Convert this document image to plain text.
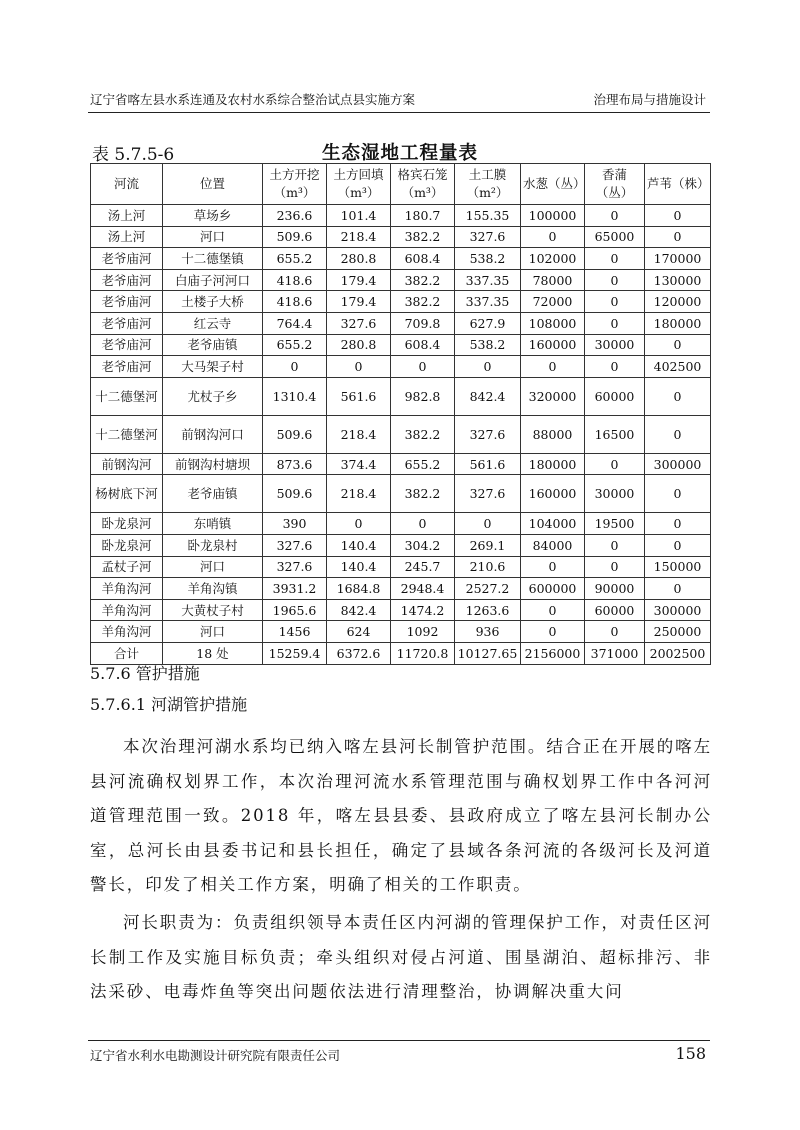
辽宁省喀左县水系连通及农村水系综合整治试点县实施方案	治理布局与措施设计
表 5.7.5-6	生态湿地工程量表
河流	位置	土方开挖（m³）	土方回填（m³）	格宾石笼（m³）	土工膜（m²）	水葱（丛）	香蒲（丛）	芦苇（株）
汤上河	草场乡	236.6	101.4	180.7	155.35	100000	0	0
汤上河	河口	509.6	218.4	382.2	327.6	0	65000	0
老爷庙河	十二德堡镇	655.2	280.8	608.4	538.2	102000	0	170000
老爷庙河	白庙子河河口	418.6	179.4	382.2	337.35	78000	0	130000
老爷庙河	土楼子大桥	418.6	179.4	382.2	337.35	72000	0	120000
老爷庙河	红云寺	764.4	327.6	709.8	627.9	108000	0	180000
老爷庙河	老爷庙镇	655.2	280.8	608.4	538.2	160000	30000	0
老爷庙河	大马架子村	0	0	0	0	0	0	402500
十二德堡河	尤杖子乡	1310.4	561.6	982.8	842.4	320000	60000	0
十二德堡河	前钢沟河口	509.6	218.4	382.2	327.6	88000	16500	0
前钢沟河	前钢沟村塘坝	873.6	374.4	655.2	561.6	180000	0	300000
杨树底下河	老爷庙镇	509.6	218.4	382.2	327.6	160000	30000	0
卧龙泉河	东哨镇	390	0	0	0	104000	19500	0
卧龙泉河	卧龙泉村	327.6	140.4	304.2	269.1	84000	0	0
孟杖子河	河口	327.6	140.4	245.7	210.6	0	0	150000
羊角沟河	羊角沟镇	3931.2	1684.8	2948.4	2527.2	600000	90000	0
羊角沟河	大黄杖子村	1965.6	842.4	1474.2	1263.6	0	60000	300000
羊角沟河	河口	1456	624	1092	936	0	0	250000
合计	18 处	15259.4	6372.6	11720.8	10127.65	2156000	371000	2002500
5.7.6 管护措施
5.7.6.1 河湖管护措施

本次治理河湖水系均已纳入喀左县河长制管护范围。结合正在开展的喀左县河流确权划界工作，本次治理河流水系管理范围与确权划界工作中各河河道管理范围一致。2018 年，喀左县县委、县政府成立了喀左县河长制办公室，总河长由县委书记和县长担任，确定了县域各条河流的各级河长及河道警长，印发了相关工作方案，明确了相关的工作职责。

河长职责为：负责组织领导本责任区内河湖的管理保护工作，对责任区河长制工作及实施目标负责；牵头组织对侵占河道、围垦湖泊、超标排污、非法采砂、电毒炸鱼等突出问题依法进行清理整治，协调解决重大问

辽宁省水利水电勘测设计研究院有限责任公司	158
